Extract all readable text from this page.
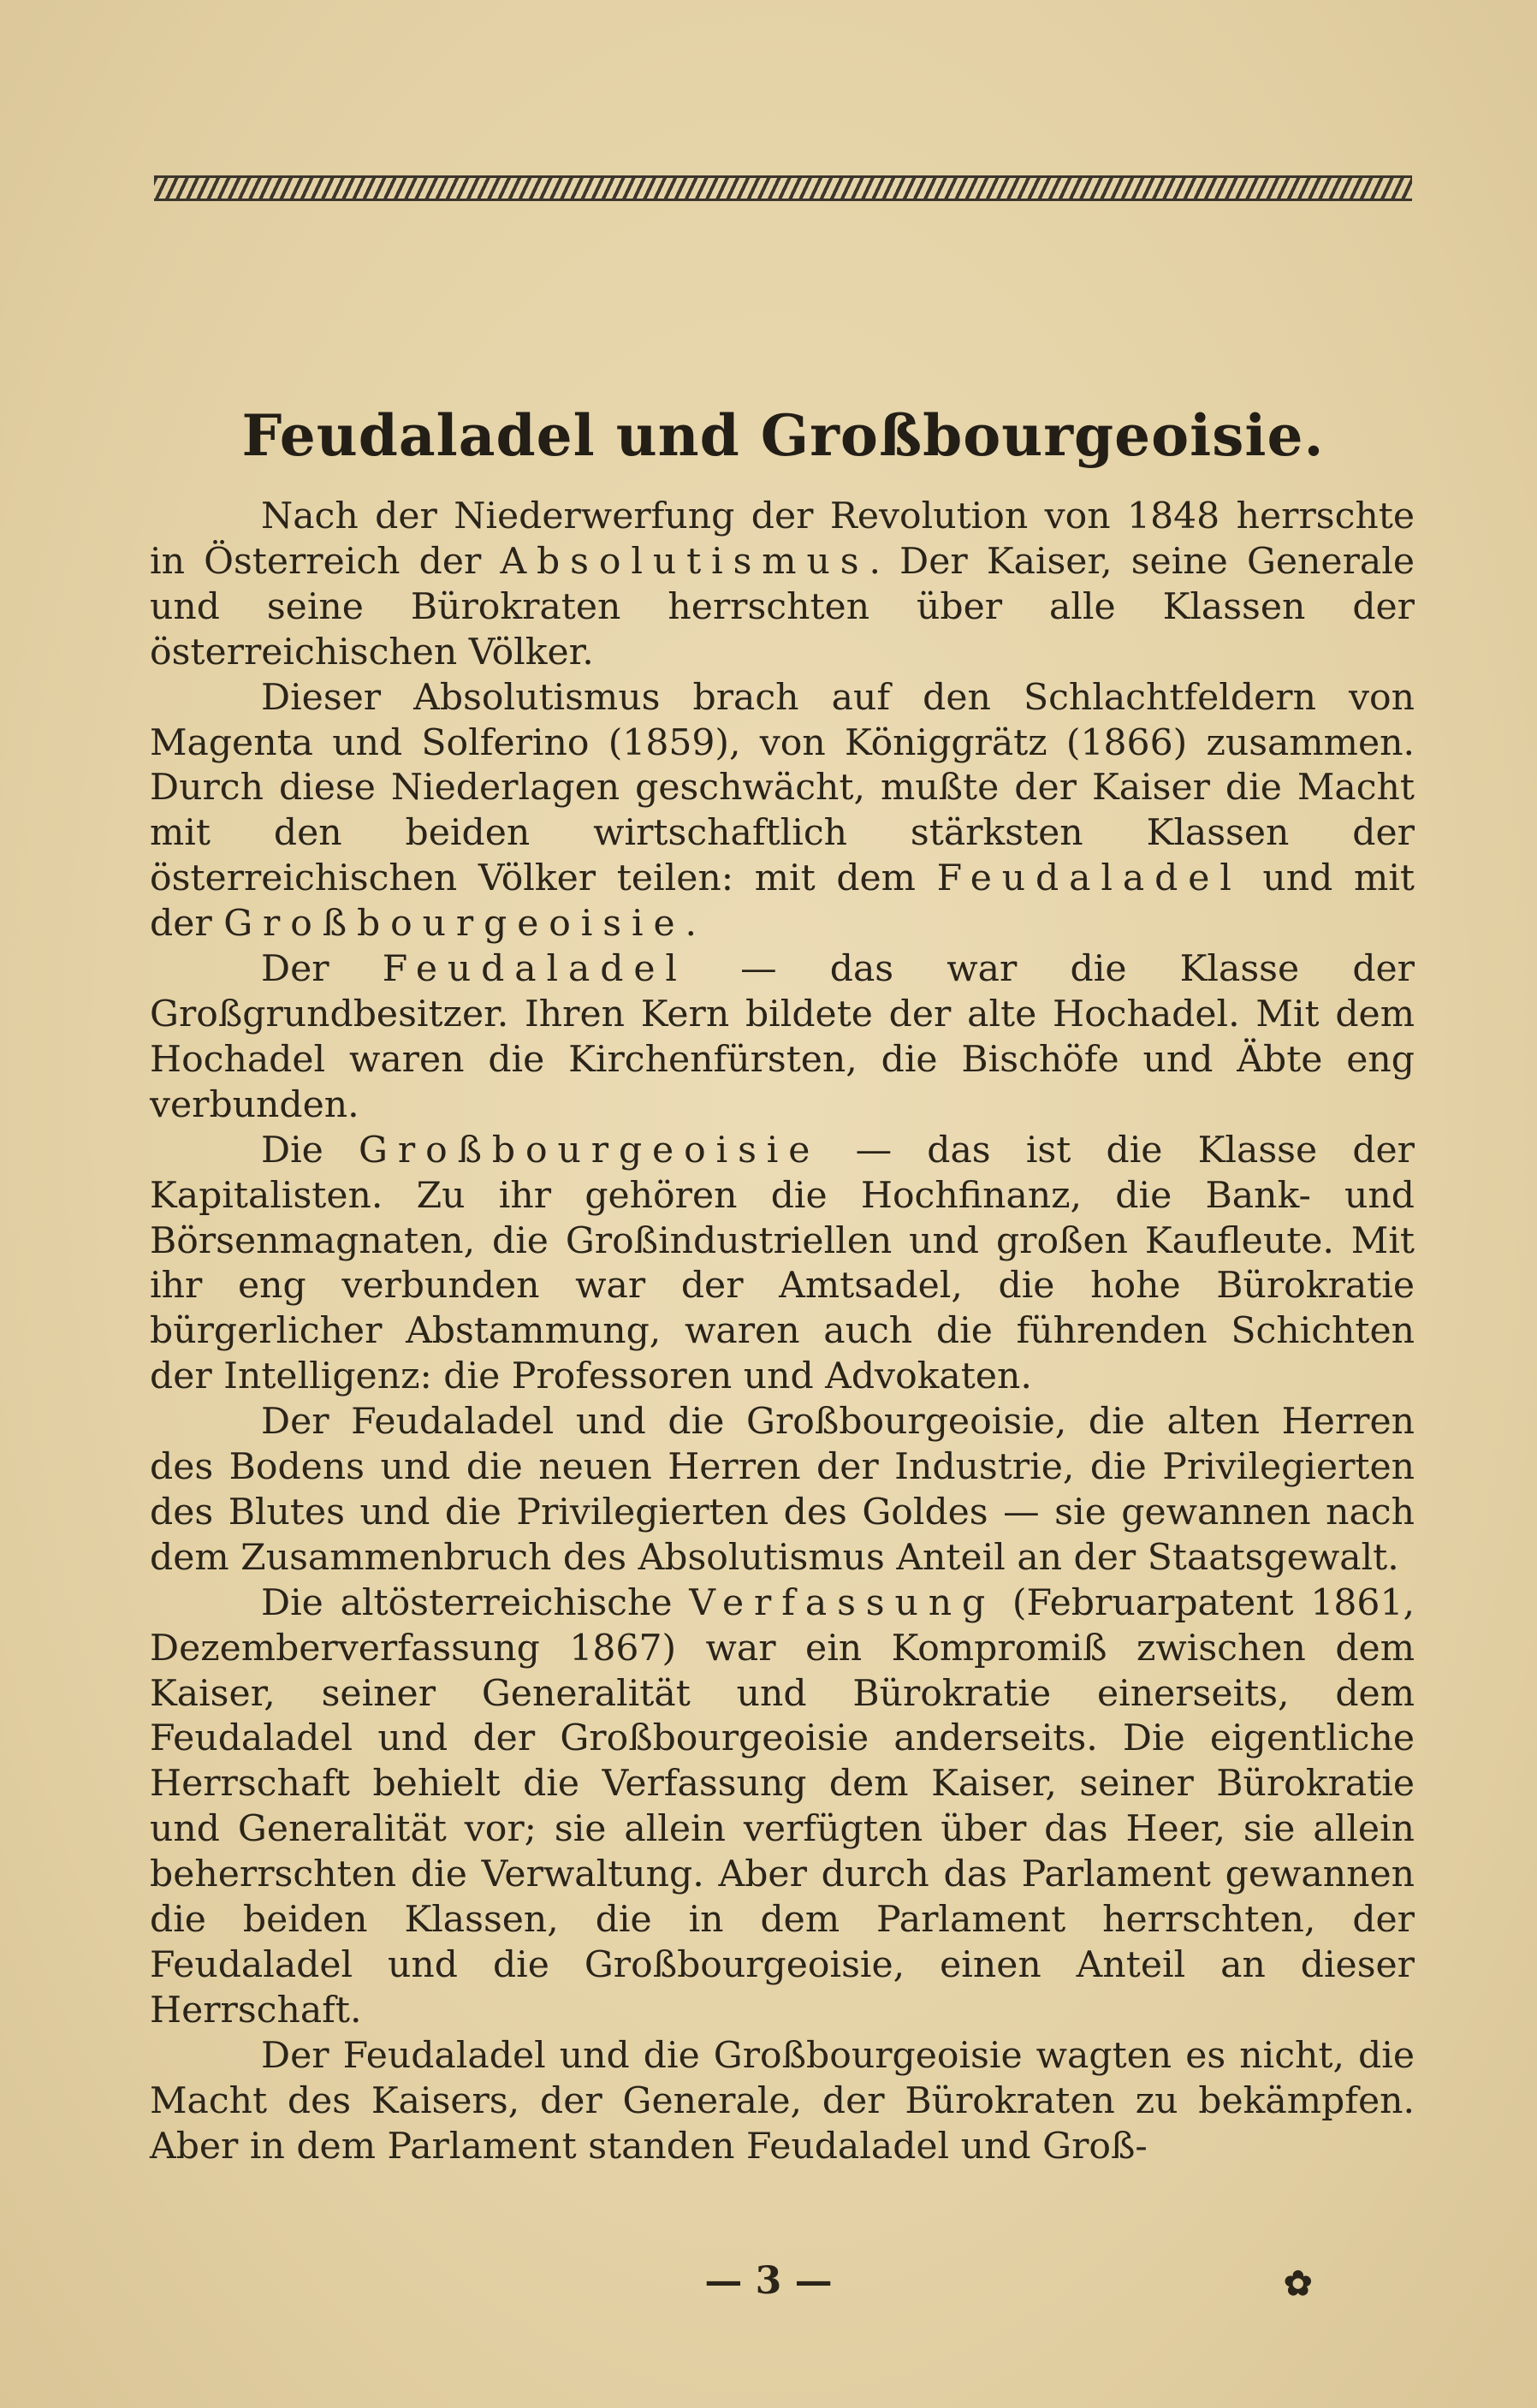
Feudaladel und Großbourgeoisie.

Nach der Niederwerfung der Revolution von 1848 herrschte in Österreich der Absolutismus. Der Kaiser, seine Generale und seine Bürokraten herrschten über alle Klassen der österreichischen Völker.

Dieser Absolutismus brach auf den Schlachtfeldern von Magenta und Solferino (1859), von Königgrätz (1866) zusammen. Durch diese Niederlagen geschwächt, mußte der Kaiser die Macht mit den beiden wirtschaftlich stärksten Klassen der österreichischen Völker teilen: mit dem Feudaladel und mit der Großbourgeoisie.

Der Feudaladel — das war die Klasse der Großgrundbesitzer. Ihren Kern bildete der alte Hochadel. Mit dem Hochadel waren die Kirchenfürsten, die Bischöfe und Äbte eng verbunden.

Die Großbourgeoisie — das ist die Klasse der Kapitalisten. Zu ihr gehören die Hochfinanz, die Bank- und Börsenmagnaten, die Großindustriellen und großen Kaufleute. Mit ihr eng verbunden war der Amtsadel, die hohe Bürokratie bürgerlicher Abstammung, waren auch die führenden Schichten der Intelligenz: die Professoren und Advokaten.

Der Feudaladel und die Großbourgeoisie, die alten Herren des Bodens und die neuen Herren der Industrie, die Privilegierten des Blutes und die Privilegierten des Goldes — sie gewannen nach dem Zusammenbruch des Absolutismus Anteil an der Staatsgewalt.

Die altösterreichische Verfassung (Februarpatent 1861, Dezemberverfassung 1867) war ein Kompromiß zwischen dem Kaiser, seiner Generalität und Bürokratie einerseits, dem Feudaladel und der Großbourgeoisie anderseits. Die eigentliche Herrschaft behielt die Verfassung dem Kaiser, seiner Bürokratie und Generalität vor; sie allein verfügten über das Heer, sie allein beherrschten die Verwaltung. Aber durch das Parlament gewannen die beiden Klassen, die in dem Parlament herrschten, der Feudaladel und die Großbourgeoisie, einen Anteil an dieser Herrschaft.

Der Feudaladel und die Großbourgeoisie wagten es nicht, die Macht des Kaisers, der Generale, der Bürokraten zu bekämpfen. Aber in dem Parlament standen Feudaladel und Groß-

— 3 —	✿
